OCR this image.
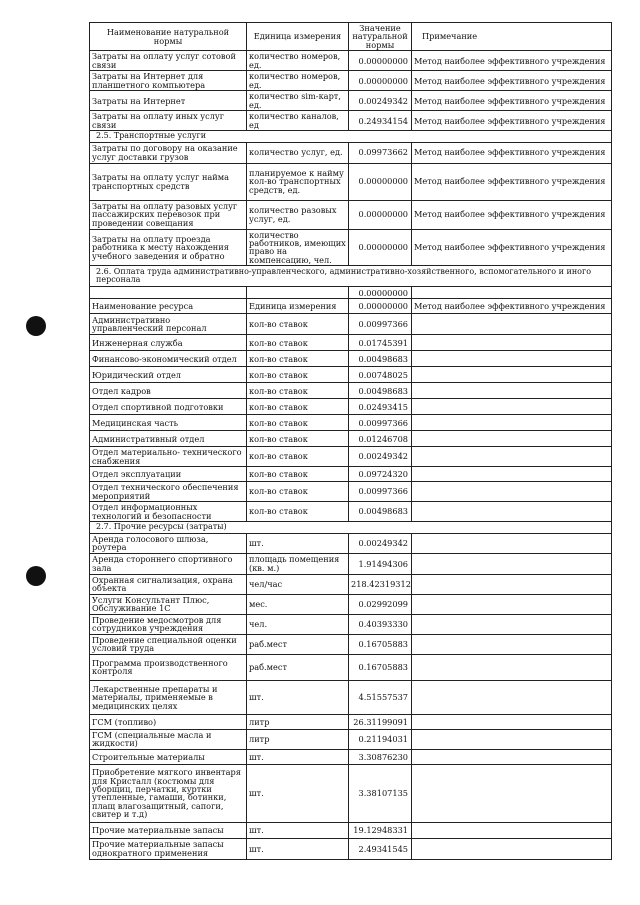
Наименование натуральной нормы	Единица измерения	Значение натуральной нормы	Примечание
Затраты на оплату услуг сотовой связи	количество номеров, ед.	0.00000000	Метод наиболее эффективного учреждения
Затраты на Интернет для планшетного компьютера	количество номеров, ед.	0.00000000	Метод наиболее эффективного учреждения
Затраты на Интернет	количество sim-карт, ед.	0.00249342	Метод наиболее эффективного учреждения
Затраты на оплату иных услуг связи	количество каналов, ед	0.24934154	Метод наиболее эффективного учреждения
2.5. Транспортные услуги			
Затраты по договору на оказание услуг доставки грузов	количество услуг, ед.	0.09973662	Метод наиболее эффективного учреждения
Затраты на оплату услуг найма транспортных средств	планируемое к найму кол-во транспортных средств, ед.	0.00000000	Метод наиболее эффективного учреждения
Затраты на оплату разовых услуг пассажирских перевозок при проведении совещания	количество разовых услуг, ед.	0.00000000	Метод наиболее эффективного учреждения
Затраты на оплату проезда работника к месту нахождения учебного заведения и обратно	количество работников, имеющих право на компенсацию, чел.	0.00000000	Метод наиболее эффективного учреждения
2.6. Оплата труда административно-управленческого, административно-хозяйственного, вспомогательного и иного персонала			
		0.00000000	
Наименование ресурса	Единица измерения	0.00000000	Метод наиболее эффективного учреждения
Административно управленческий персонал	кол-во ставок	0.00997366	
Инженерная служба	кол-во ставок	0.01745391	
Финансово-экономический отдел	кол-во ставок	0.00498683	
Юридический отдел	кол-во ставок	0.00748025	
Отдел кадров	кол-во ставок	0.00498683	
Отдел спортивной подготовки	кол-во ставок	0.02493415	
Медицинская часть	кол-во ставок	0.00997366	
Административный отдел	кол-во ставок	0.01246708	
Отдел материально- технического снабжения	кол-во ставок	0.00249342	
Отдел эксплуатации	кол-во ставок	0.09724320	
Отдел технического обеспечения мероприятий	кол-во ставок	0.00997366	
Отдел информационных технологий и безопасности	кол-во ставок	0.00498683	
2.7. Прочие ресурсы (затраты)			
Аренда голосового шлюза, роутера	шт.	0.00249342	
Аренда стороннего спортивного зала	площадь помещения (кв. м.)	1.91494306	
Охранная сигнализация, охрана объекта	чел/час	218.42319312	
Услуги Консультант Плюс, Обслуживание 1С	мес.	0.02992099	
Проведение медосмотров для сотрудников учреждения	чел.	0.40393330	
Проведение специальной оценки условий труда	раб.мест	0.16705883	
Программа производственного контроля	раб.мест	0.16705883	
Лекарственные препараты и материалы, применяемые в медицинских целях	шт.	4.51557537	
ГСМ (топливо)	литр	26.31199091	
ГСМ (специальные масла и жидкости)	литр	0.21194031	
Строительные материалы	шт.	3.30876230	
Приобретение мягкого инвентаря для Кристалл (костюмы для уборщиц, перчатки, куртки утепленные, гамаши, ботинки, плащ влагозащитный, сапоги, свитер и т.д)	шт.	3.38107135	
Прочие материальные запасы	шт.	19.12948331	
Прочие материальные запасы однократного применения	шт.	2.49341545	
